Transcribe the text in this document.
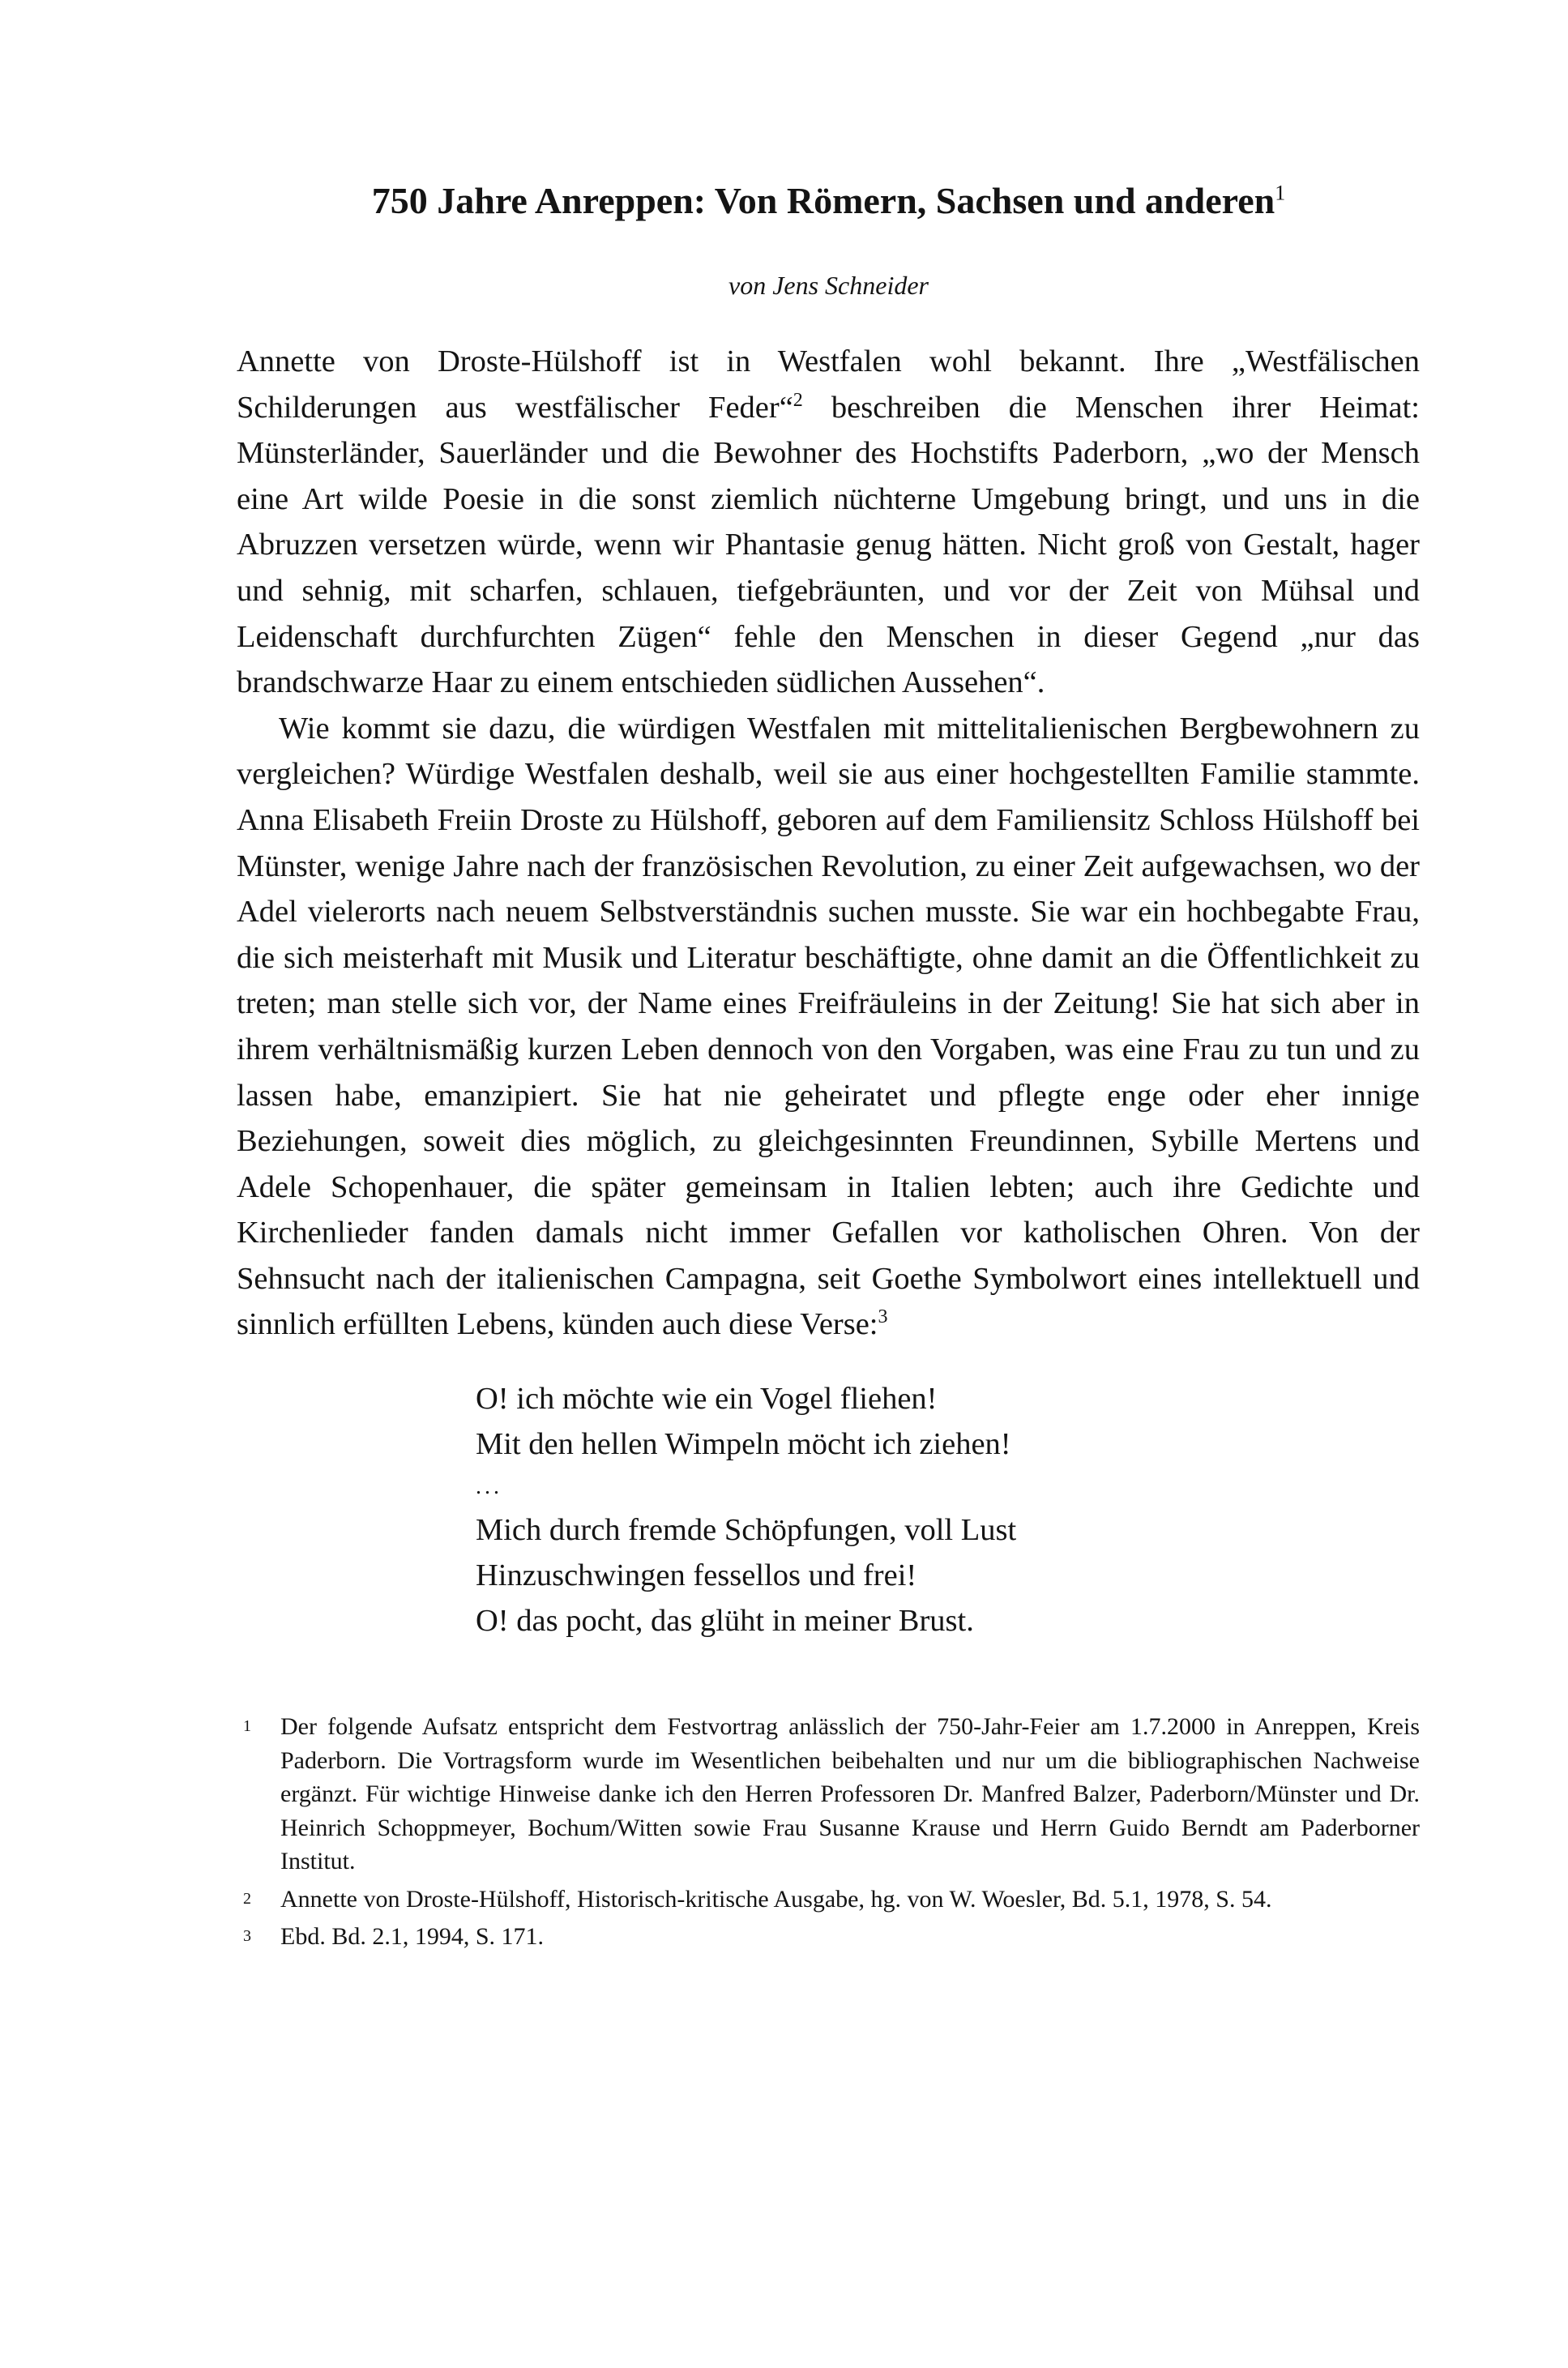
750 Jahre Anreppen: Von Römern, Sachsen und anderen$^1$
von Jens Schneider

Annette von Droste-Hülshoff ist in Westfalen wohl bekannt. Ihre „Westfälischen Schilderungen aus westfälischer Feder“$^2$ beschreiben die Menschen ihrer Heimat: Münsterländer, Sauerländer und die Bewohner des Hochstifts Paderborn, „wo der Mensch eine Art wilde Poesie in die sonst ziemlich nüchterne Umgebung bringt, und uns in die Abruzzen versetzen würde, wenn wir Phantasie genug hätten. Nicht groß von Gestalt, hager und sehnig, mit scharfen, schlauen, tiefgebräunten, und vor der Zeit von Mühsal und Leidenschaft durchfurchten Zügen“ fehle den Menschen in dieser Gegend „nur das brandschwarze Haar zu einem entschieden südlichen Aussehen“.

Wie kommt sie dazu, die würdigen Westfalen mit mittelitalienischen Bergbewohnern zu vergleichen? Würdige Westfalen deshalb, weil sie aus einer hochgestellten Familie stammte. Anna Elisabeth Freiin Droste zu Hülshoff, geboren auf dem Familiensitz Schloss Hülshoff bei Münster, wenige Jahre nach der französischen Revolution, zu einer Zeit aufgewachsen, wo der Adel vielerorts nach neuem Selbstverständnis suchen musste. Sie war ein hochbegabte Frau, die sich meisterhaft mit Musik und Literatur beschäftigte, ohne damit an die Öffentlichkeit zu treten; man stelle sich vor, der Name eines Freifräuleins in der Zeitung! Sie hat sich aber in ihrem verhältnismäßig kurzen Leben dennoch von den Vorgaben, was eine Frau zu tun und zu lassen habe, emanzipiert. Sie hat nie geheiratet und pflegte enge oder eher innige Beziehungen, soweit dies möglich, zu gleichgesinnten Freundinnen, Sybille Mertens und Adele Schopenhauer, die später gemeinsam in Italien lebten; auch ihre Gedichte und Kirchenlieder fanden damals nicht immer Gefallen vor katholischen Ohren. Von der Sehnsucht nach der italienischen Campagna, seit Goethe Symbolwort eines intellektuell und sinnlich erfüllten Lebens, künden auch diese Verse:$^3$

O! ich möchte wie ein Vogel fliehen!
Mit den hellen Wimpeln möcht ich ziehen!
...
Mich durch fremde Schöpfungen, voll Lust
Hinzuschwingen fessellos und frei!
O! das pocht, das glüht in meiner Brust.
1 Der folgende Aufsatz entspricht dem Festvortrag anlässlich der 750-Jahr-Feier am 1.7.2000 in Anreppen, Kreis Paderborn. Die Vortragsform wurde im Wesentlichen beibehalten und nur um die bibliographischen Nachweise ergänzt. Für wichtige Hinweise danke ich den Herren Professoren Dr. Manfred Balzer, Paderborn/Münster und Dr. Heinrich Schoppmeyer, Bochum/Witten sowie Frau Susanne Krause und Herrn Guido Berndt am Paderborner Institut.
2 Annette von Droste-Hülshoff, Historisch-kritische Ausgabe, hg. von W. Woesler, Bd. 5.1, 1978, S. 54.
3 Ebd. Bd. 2.1, 1994, S. 171.
